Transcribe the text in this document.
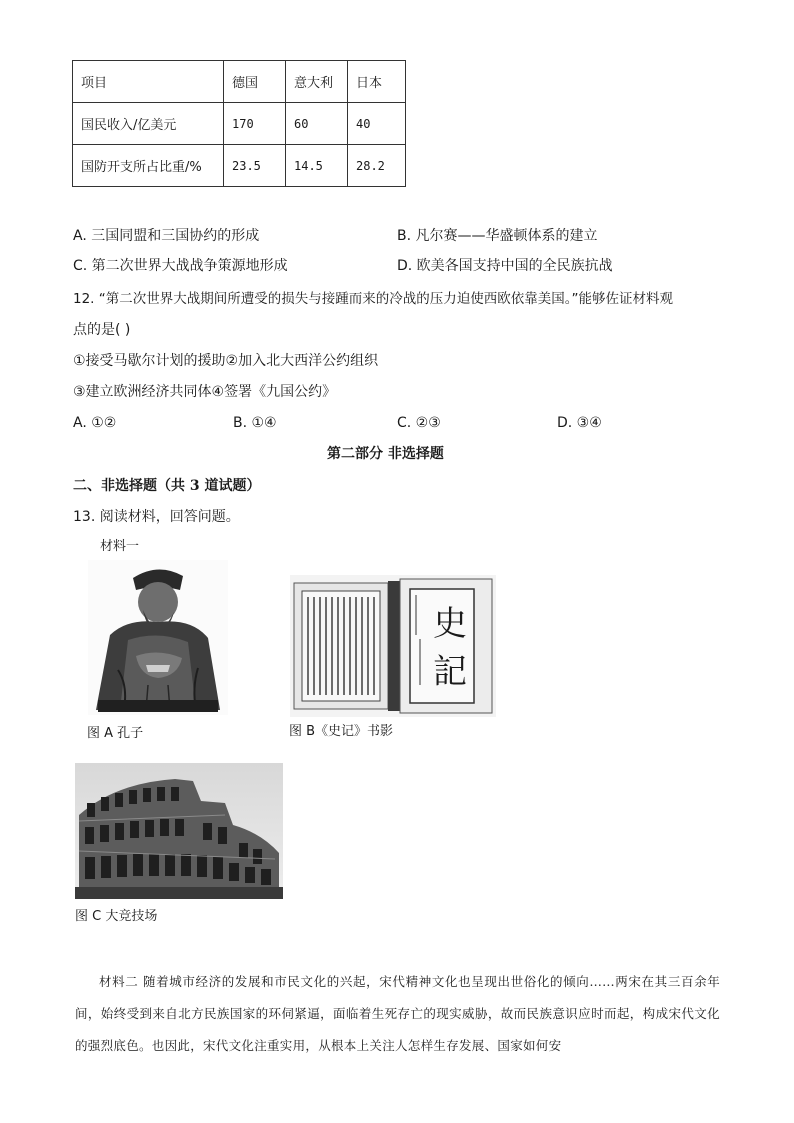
项目	德国	意大利	日本
国民收入/亿美元	170	60	40
国防开支所占比重/%	23.5	14.5	28.2
A. 三国同盟和三国协约的形成	B. 凡尔赛——华盛顿体系的建立
C. 第二次世界大战战争策源地形成	D. 欧美各国支持中国的全民族抗战
12. “第二次世界大战期间所遭受的损失与接踵而来的冷战的压力迫使西欧依靠美国。”能够佐证材料观
点的是( )
①接受马歇尔计划的援助②加入北大西洋公约组织
③建立欧洲经济共同体④签署《九国公约》
A. ①②	B. ①④	C. ②③	D. ③④
第二部分 非选择题
二、非选择题（共 3 道试题）
13. 阅读材料，回答问题。
材料一
图 A 孔子
史
記
图 B《史记》书影
图 C 大竞技场
材料二 随着城市经济的发展和市民文化的兴起，宋代精神文化也呈现出世俗化的倾向……两宋在其三百余年间，始终受到来自北方民族国家的环伺紧逼，面临着生死存亡的现实威胁，故而民族意识应时而起，构成宋代文化的强烈底色。也因此，宋代文化注重实用，从根本上关注人怎样生存发展、国家如何安
